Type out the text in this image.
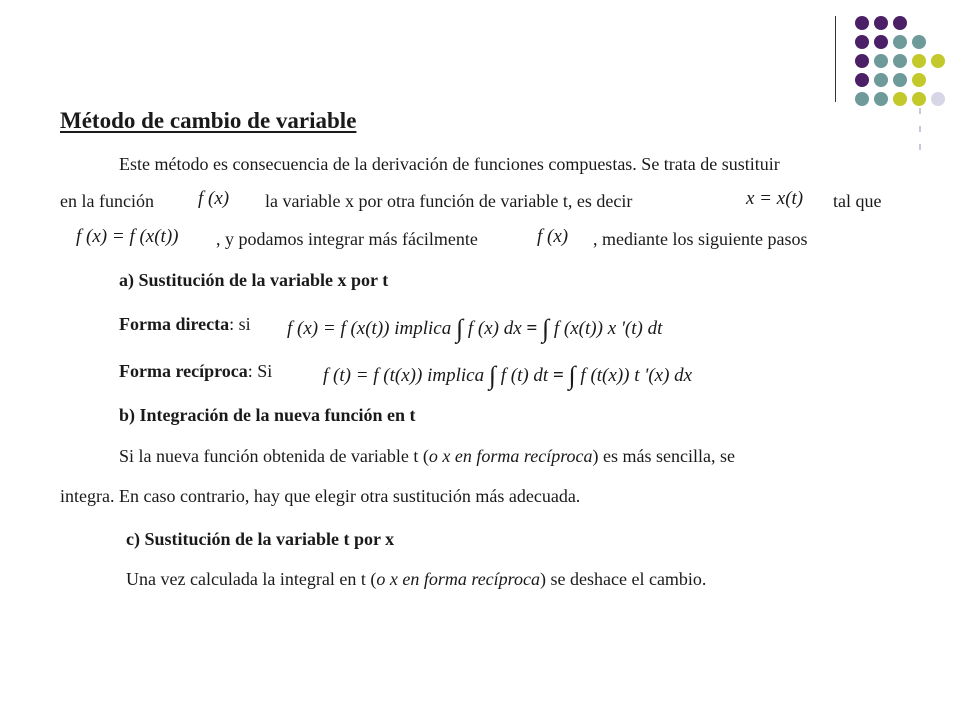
Método de cambio de variable
Este método es consecuencia de la derivación de funciones compuestas. Se trata de sustituir
en la función f (x) la variable x por otra función de variable t, es decir	x = x(t) tal que
f (x) = f (x(t)) , y podamos integrar más fácilmente	f (x) , mediante los siguiente pasos
a) Sustitución de la variable x por t
Forma directa: si f (x) = f (x(t)) implica ∫ f (x) dx = ∫ f (x(t)) x '(t) dt
Forma recíproca: Si	f (t) = f (t(x)) implica ∫ f (t) dt = ∫ f (t(x)) t '(x) dx
b) Integración de la nueva función en t
Si la nueva función obtenida de variable t (o x en forma recíproca) es más sencilla, se
integra. En caso contrario, hay que elegir otra sustitución más adecuada.
c) Sustitución de la variable t por x
Una vez calculada la integral en t (o x en forma recíproca) se deshace el cambio.
